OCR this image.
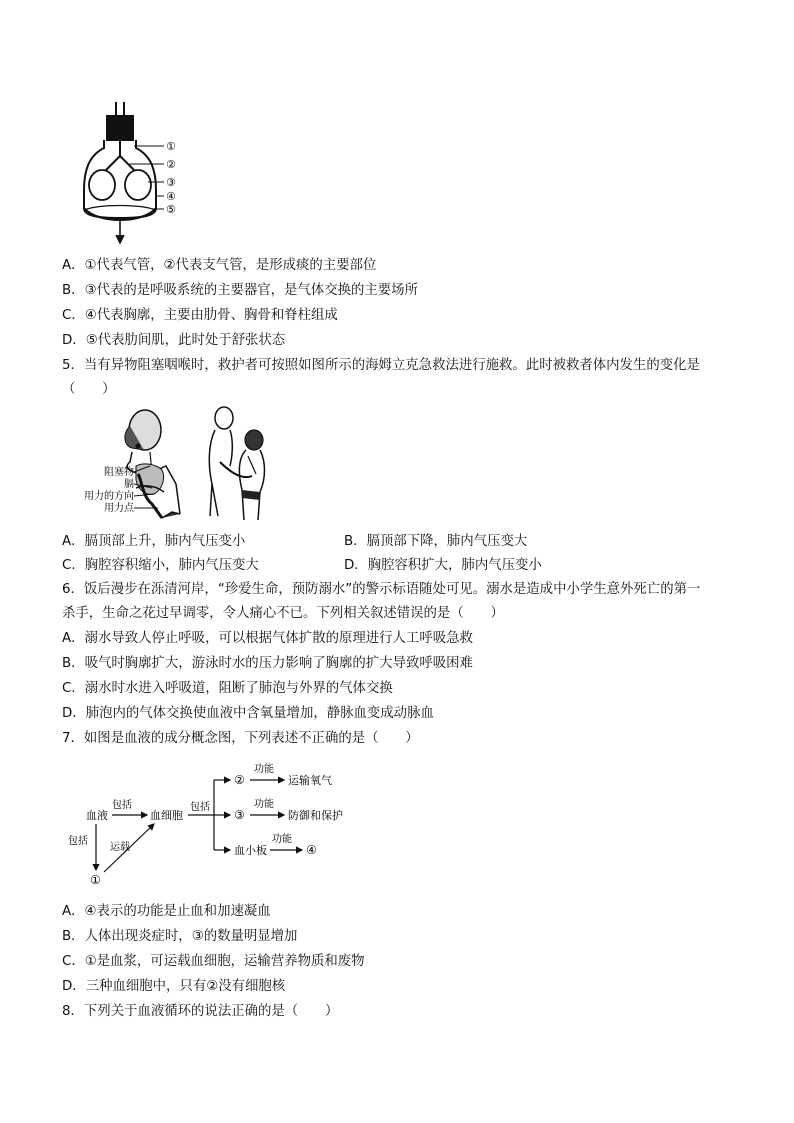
①
②
③
④
⑤
A．①代表气管，②代表支气管，是形成痰的主要部位
B．③代表的是呼吸系统的主要器官，是气体交换的主要场所
C．④代表胸廓，主要由肋骨、胸骨和脊柱组成
D．⑤代表肋间肌，此时处于舒张状态
5．当有异物阻塞咽喉时，救护者可按照如图所示的海姆立克急救法进行施救。此时被救者体内发生的变化是
（　　）
阻塞物
膈
用力的方向
用力点
A．膈顶部上升，肺内气压变小	B．膈顶部下降，肺内气压变大
C．胸腔容积缩小，肺内气压变大	D．胸腔容积扩大，肺内气压变小
6．饭后漫步在泺清河岸，“珍爱生命，预防溺水”的警示标语随处可见。溺水是造成中小学生意外死亡的第一
杀手，生命之花过早调零，令人痛心不已。下列相关叙述错误的是（　　）
A．溺水导致人停止呼吸，可以根据气体扩散的原理进行人工呼吸急救
B．吸气时胸廓扩大，游泳时水的压力影响了胸廓的扩大导致呼吸困难
C．溺水时水进入呼吸道，阻断了肺泡与外界的气体交换
D．肺泡内的气体交换使血液中含氧量增加，静脉血变成动脉血
7．如图是血液的成分概念图，下列表述不正确的是（　　）
血液
包括
血细胞
包括
①
运载
包括
②
③
血小板
功能
运输氧气
功能
防御和保护
功能
④
A．④表示的功能是止血和加速凝血
B．人体出现炎症时，③的数量明显增加
C．①是血浆，可运载血细胞，运输营养物质和废物
D．三种血细胞中，只有②没有细胞核
8．下列关于血液循环的说法正确的是（　　）
